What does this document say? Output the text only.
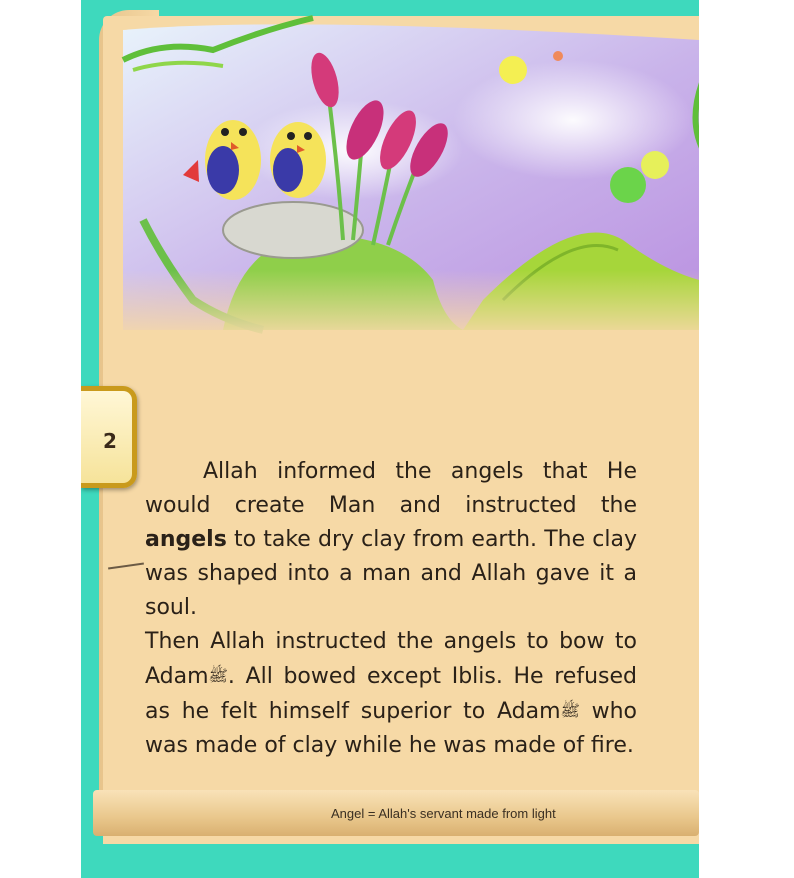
2
Angel = Allah's servant made from light

Allah informed the angels that He would create Man and instructed the angels to take dry clay from earth. The clay was shaped into a man and Allah gave it a soul.

Then Allah instructed the angels to bow to Adamﷺ. All bowed except Iblis. He refused as he felt himself superior to Adamﷺ who was made of clay while he was made of fire.
